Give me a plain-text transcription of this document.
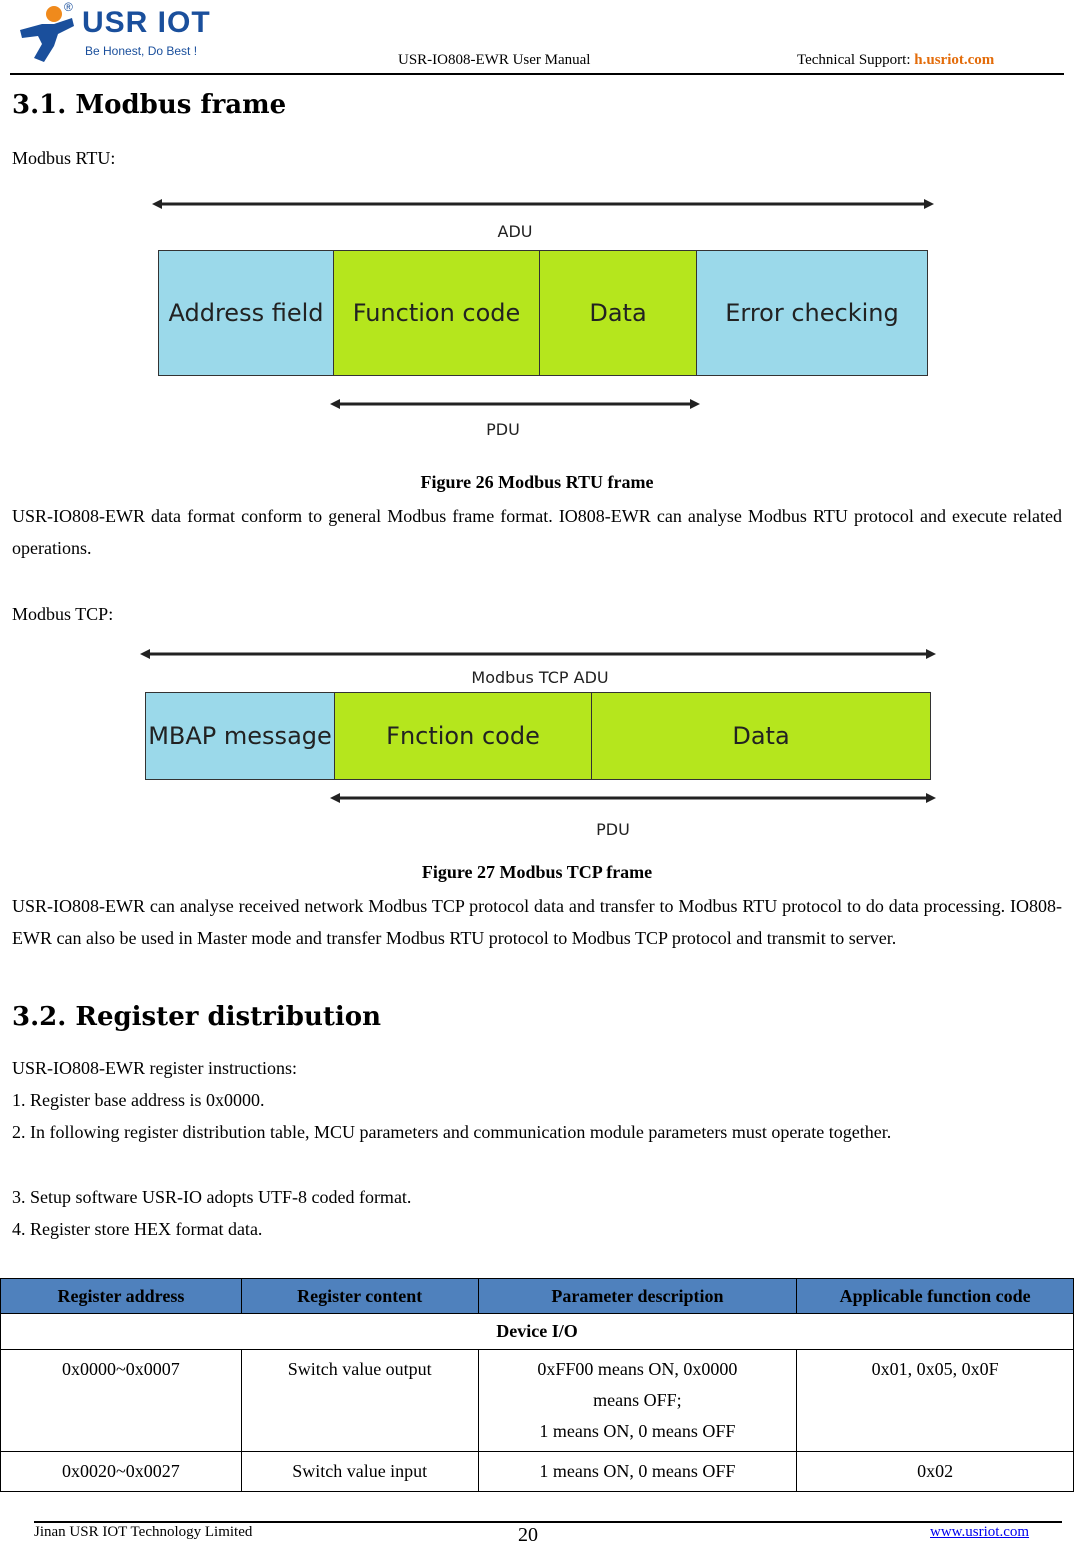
USR IOT
®
Be Honest, Do Best !
USR-IO808-EWR User Manual	Technical Support: h.usriot.com
3.1. Modbus frame
Modbus RTU:
ADU
Address field	Function code	Data	Error checking
PDU
Figure 26 Modbus RTU frame
USR-IO808-EWR data format conform to general Modbus frame format. IO808-EWR can analyse Modbus RTU protocol and execute related operations.
Modbus TCP:
Modbus TCP ADU
MBAP message	Fnction code	Data
PDU
Figure 27 Modbus TCP frame
USR-IO808-EWR can analyse received network Modbus TCP protocol data and transfer to Modbus RTU protocol to do data processing. IO808-EWR can also be used in Master mode and transfer Modbus RTU protocol to Modbus TCP protocol and transmit to server.
3.2. Register distribution
USR-IO808-EWR register instructions:
1. Register base address is 0x0000.
2. In following register distribution table, MCU parameters and communication module parameters must operate together.
3. Setup software USR-IO adopts UTF-8 coded format.
4. Register store HEX format data.
Register address	Register content	Parameter description	Applicable function code
Device I/O			
0x0000~0x0007	Switch value output	0xFF00 means ON, 0x0000
means OFF;
1 means ON, 0 means OFF	0x01, 0x05, 0x0F
0x0020~0x0027	Switch value input	1 means ON, 0 means OFF	0x02
Jinan USR IOT Technology Limited	20	www.usriot.com
